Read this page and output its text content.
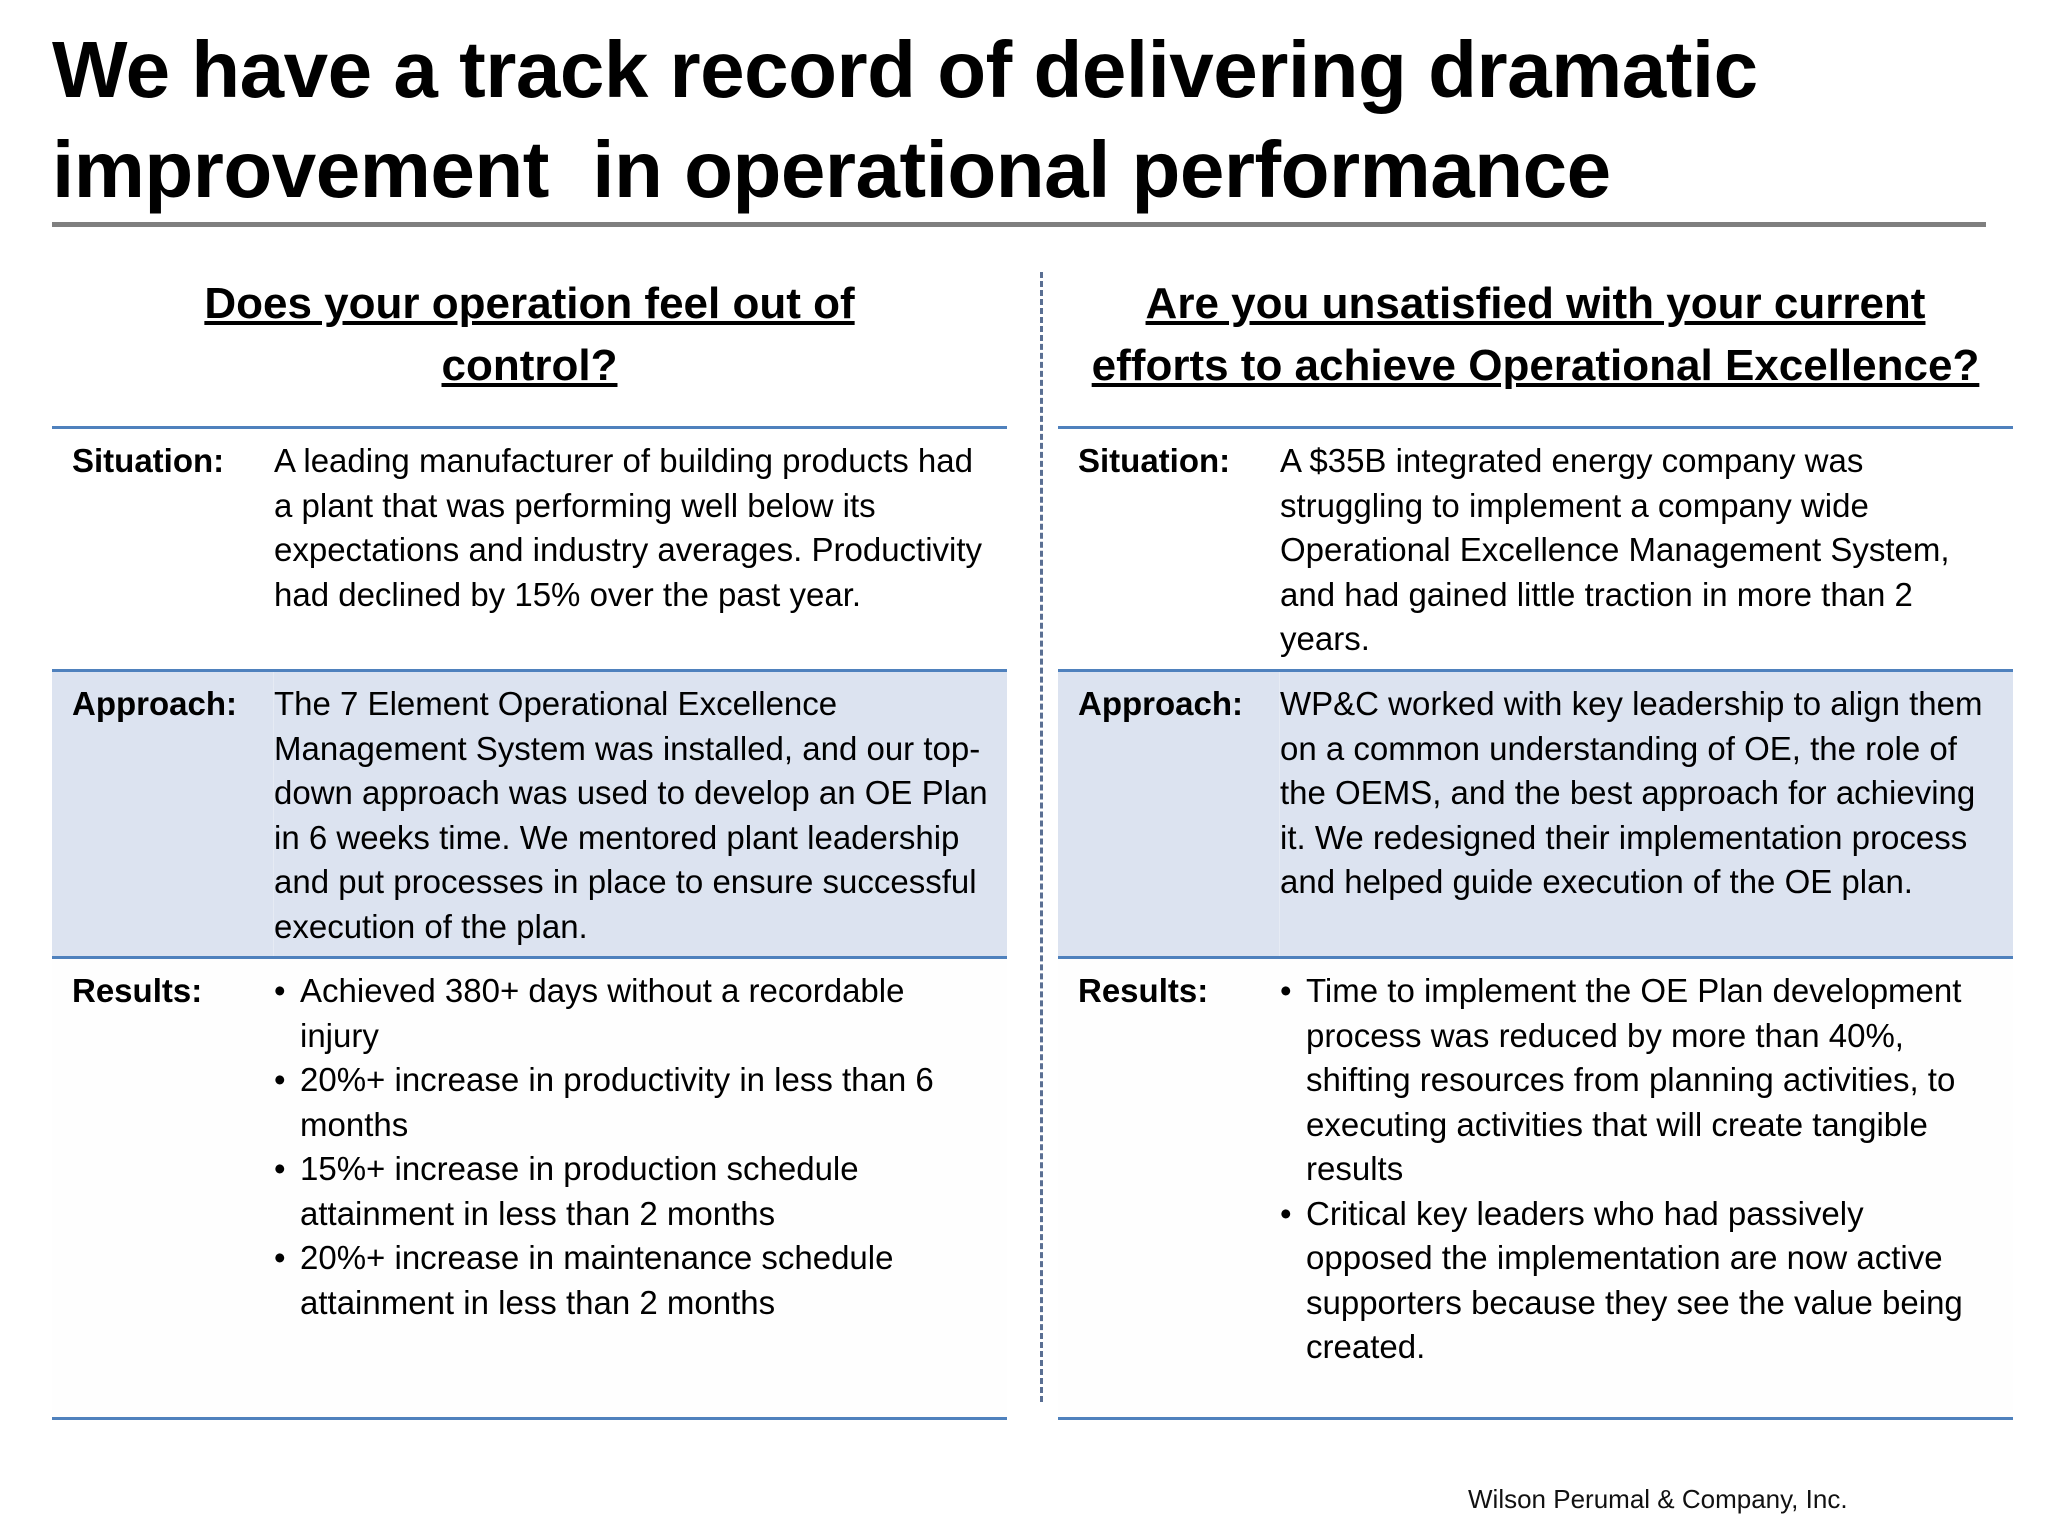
We have a track record of delivering dramatic
improvement  in operational performance
Does your operation feel out of
control?
Situation:	A leading manufacturer of building products had a plant that was performing well below its expectations and industry averages. Productivity had declined by 15% over the past year.
Approach:	The 7 Element Operational Excellence Management System was installed, and our top-down approach was used to develop an OE Plan in 6 weeks time. We mentored plant leadership and put processes in place to ensure successful execution of the plan.
Results:	• Achieved 380+ days without a recordable injury
• 20%+ increase in productivity in less than 6 months
• 15%+ increase in production schedule attainment in less than 2 months
• 20%+ increase in maintenance schedule attainment in less than 2 months
Are you unsatisfied with your current
efforts to achieve Operational Excellence?
Situation:	A $35B integrated energy company was struggling to implement a company wide Operational Excellence Management System, and had gained little traction in more than 2 years.
Approach:	WP&C worked with key leadership to align them on a common understanding of OE, the role of the OEMS, and the best approach for achieving it. We redesigned their implementation process and helped guide execution of the OE plan.
Results:	• Time to implement the OE Plan development process was reduced by more than 40%, shifting resources from planning activities, to executing activities that will create tangible results
• Critical key leaders who had passively opposed the implementation are now active supporters because they see the value being created.
Wilson Perumal & Company, Inc.
